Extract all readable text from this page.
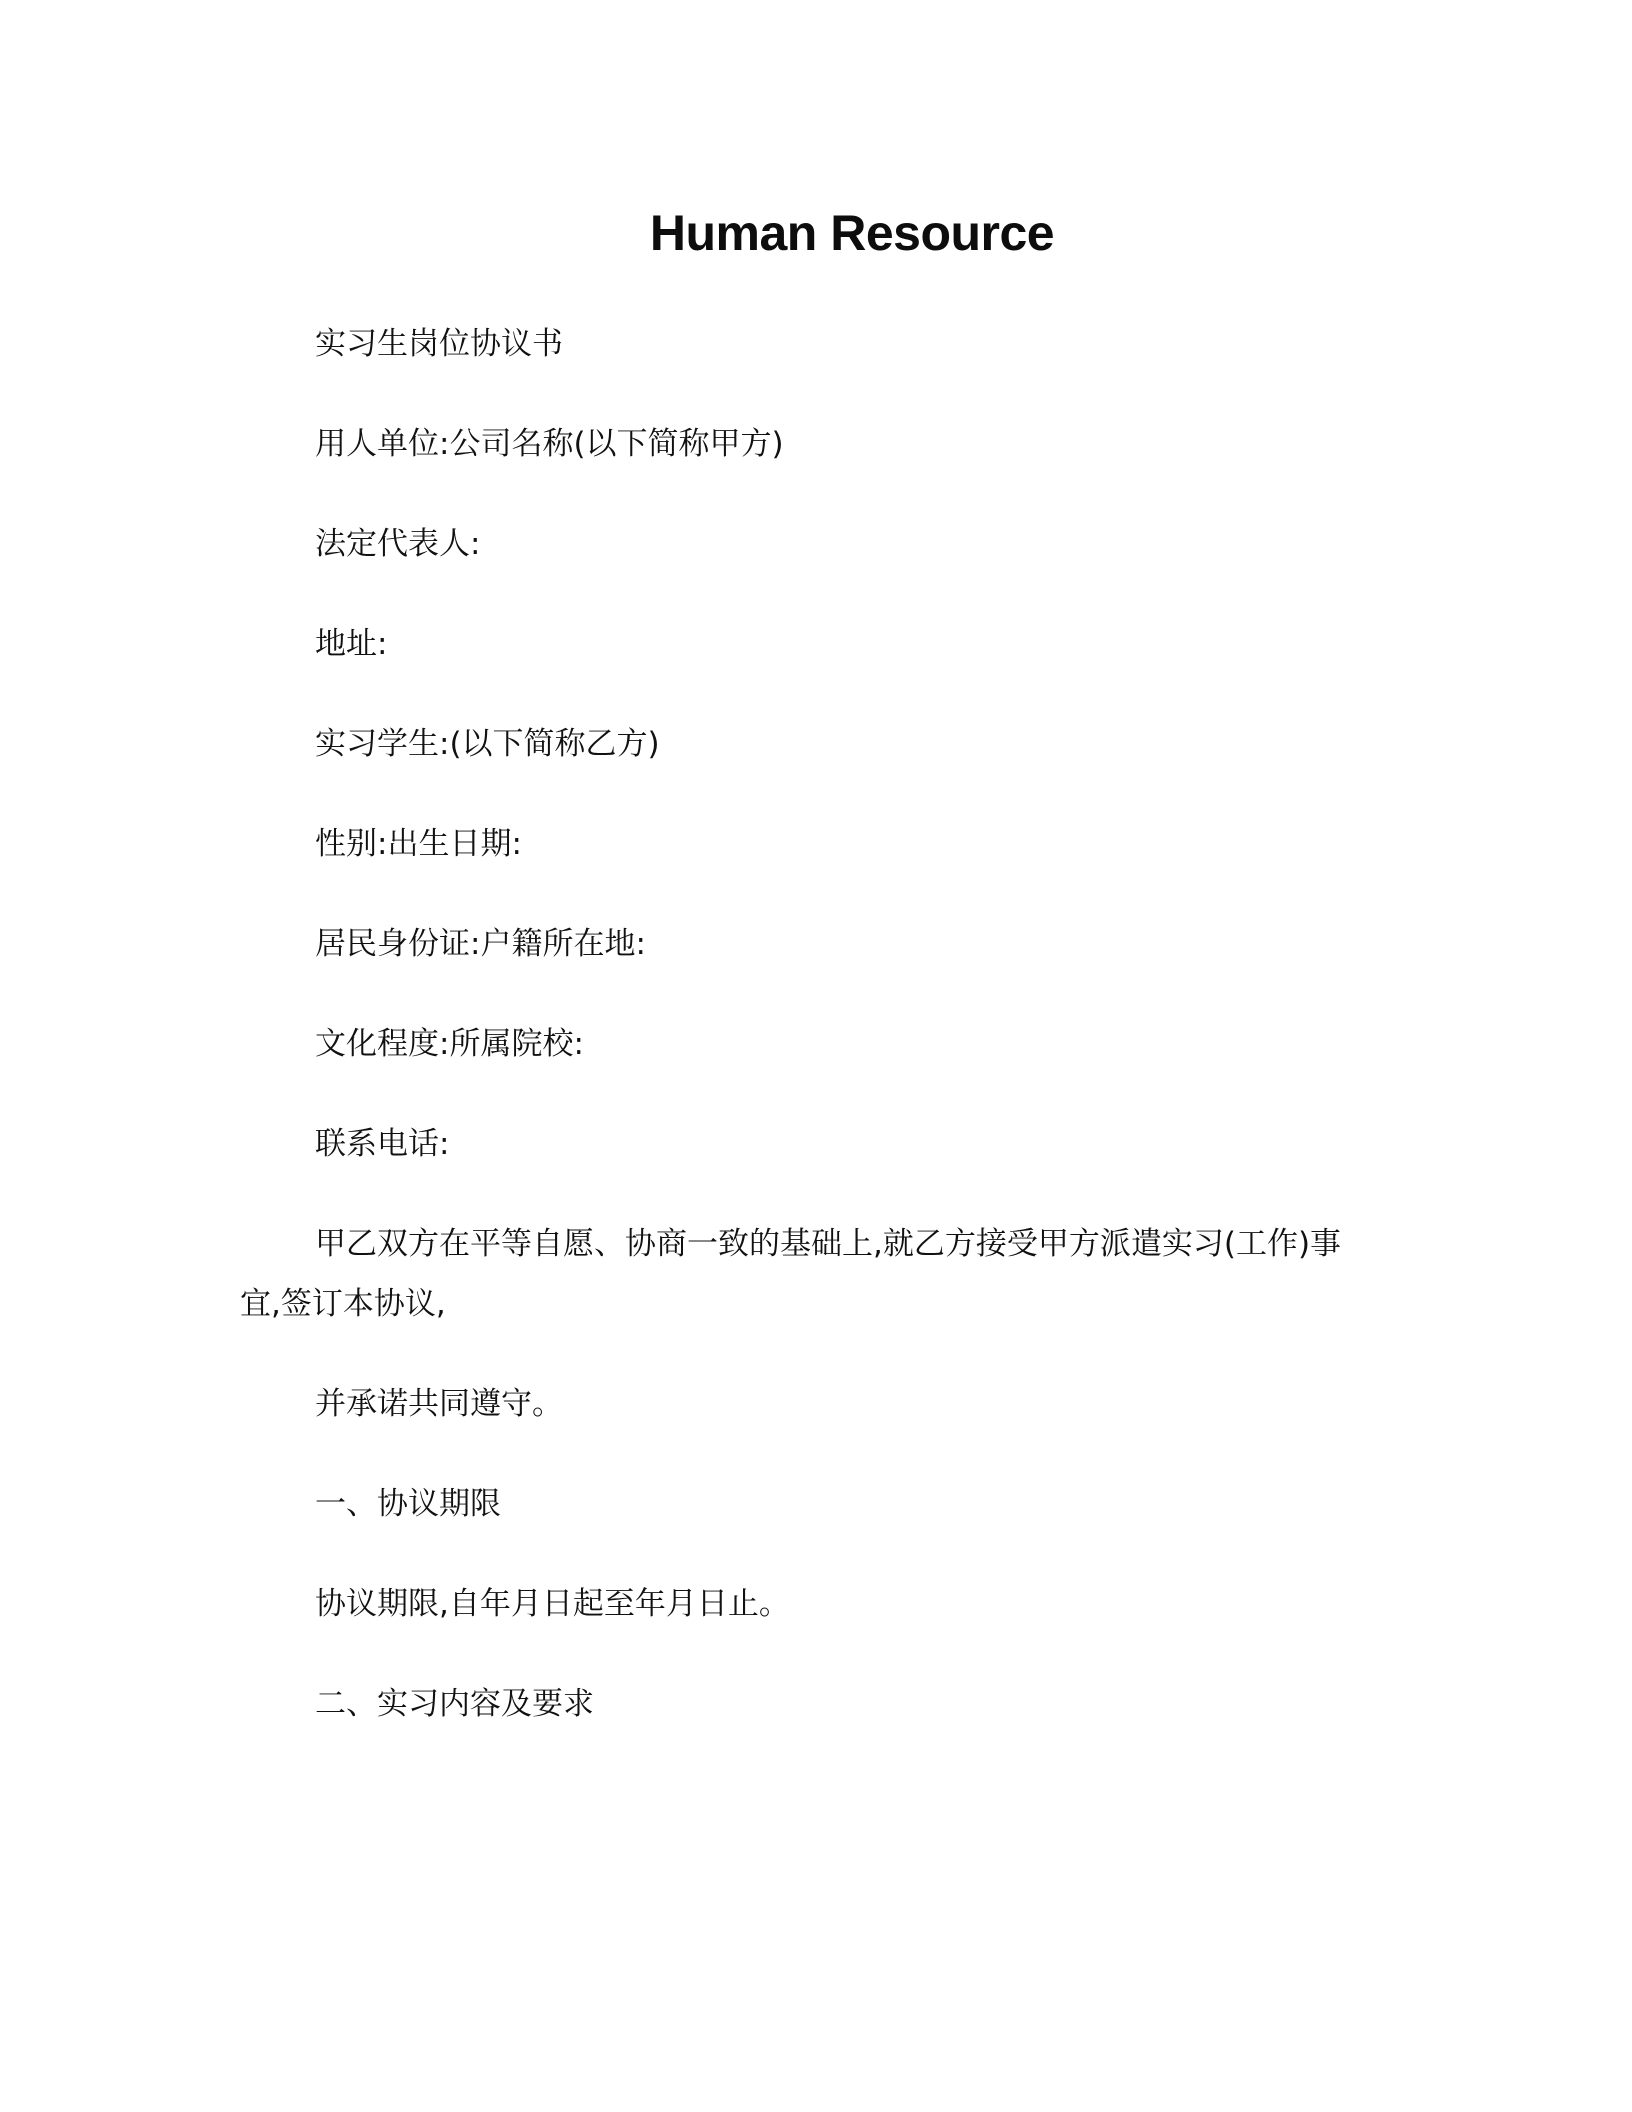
Human Resource
实习生岗位协议书
用人单位:公司名称(以下简称甲方)
法定代表人:
地址:
实习学生:(以下简称乙方)
性别:出生日期:
居民身份证:户籍所在地:
文化程度:所属院校:
联系电话:
甲乙双方在平等自愿、协商一致的基础上,就乙方接受甲方派遣实习(工作)事
宜,签订本协议,
并承诺共同遵守。
一、协议期限
协议期限,自年月日起至年月日止。
二、实习内容及要求
